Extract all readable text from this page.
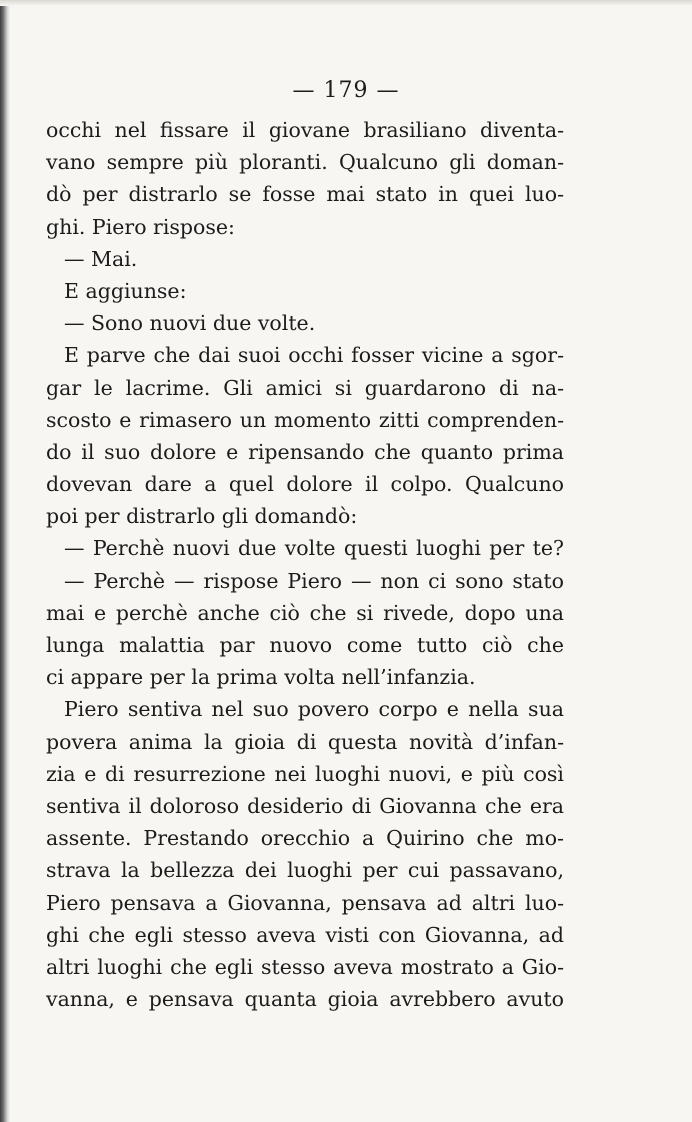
— 179 —
occhi nel fissare il giovane brasiliano diventa-
vano sempre più ploranti. Qualcuno gli doman-
dò per distrarlo se fosse mai stato in quei luo-
ghi. Piero rispose:
— Mai.
E aggiunse:
— Sono nuovi due volte.
E parve che dai suoi occhi fosser vicine a sgor-
gar le lacrime. Gli amici si guardarono di na-
scosto e rimasero un momento zitti comprenden-
do il suo dolore e ripensando che quanto prima
dovevan dare a quel dolore il colpo. Qualcuno
poi per distrarlo gli domandò:
— Perchè nuovi due volte questi luoghi per te?
— Perchè — rispose Piero — non ci sono stato
mai e perchè anche ciò che si rivede, dopo una
lunga malattia par nuovo come tutto ciò che
ci appare per la prima volta nell’infanzia.
Piero sentiva nel suo povero corpo e nella sua
povera anima la gioia di questa novità d’infan-
zia e di resurrezione nei luoghi nuovi, e più così
sentiva il doloroso desiderio di Giovanna che era
assente. Prestando orecchio a Quirino che mo-
strava la bellezza dei luoghi per cui passavano,
Piero pensava a Giovanna, pensava ad altri luo-
ghi che egli stesso aveva visti con Giovanna, ad
altri luoghi che egli stesso aveva mostrato a Gio-
vanna, e pensava quanta gioia avrebbero avuto
